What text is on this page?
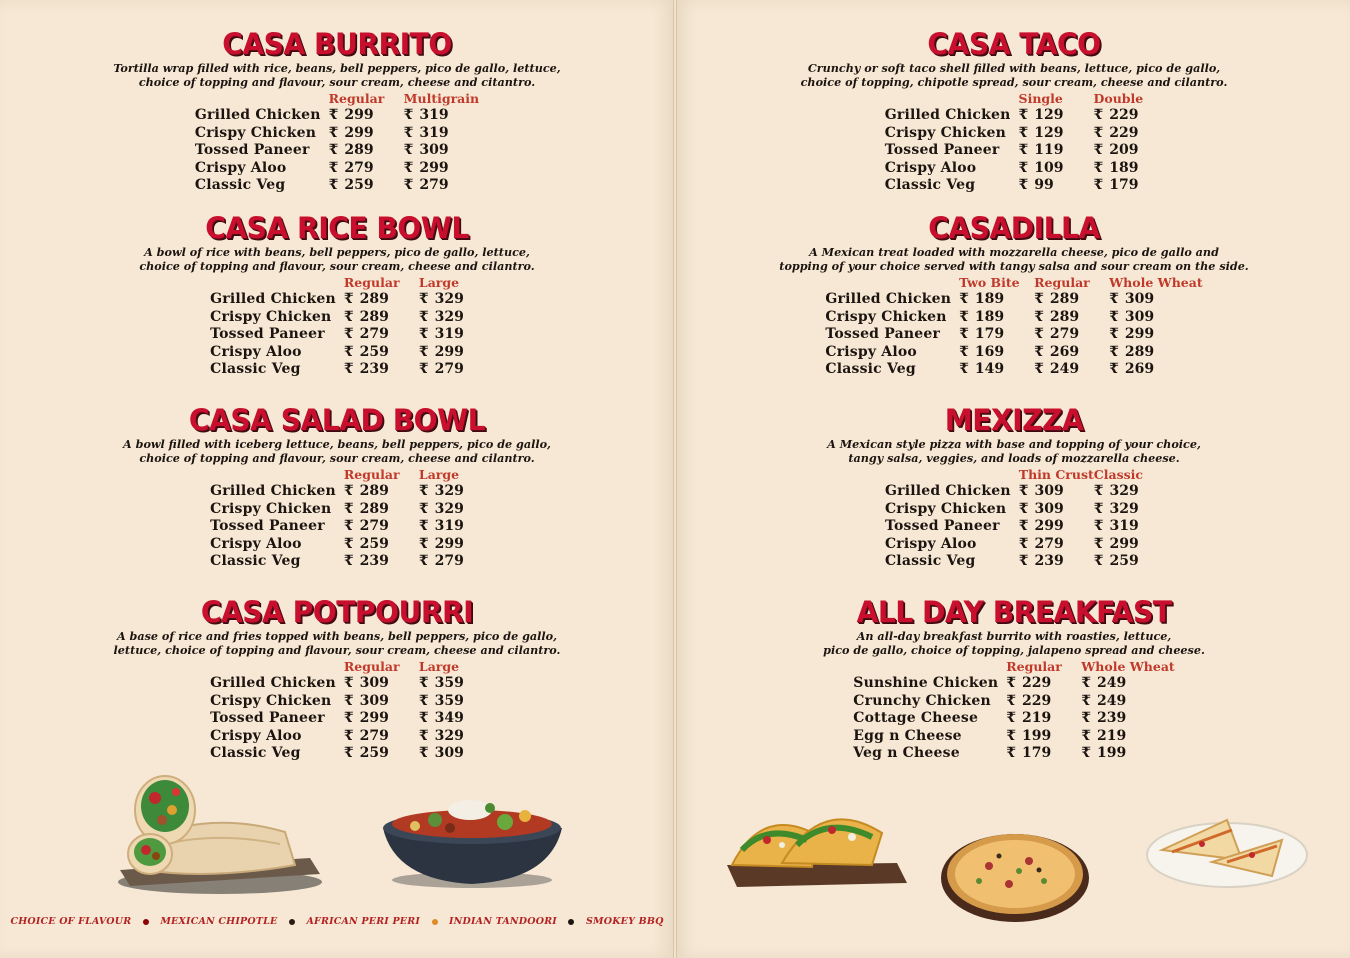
CASA BURRITO

Tortilla wrap filled with rice, beans, bell peppers, pico de gallo, lettuce,
choice of topping and flavour, sour cream, cheese and citantro.

	Regular	Multigrain
Grilled Chicken	₹ 299	₹ 319
Crispy Chicken	₹ 299	₹ 319
Tossed Paneer	₹ 289	₹ 309
Crispy Aloo	₹ 279	₹ 299
Classic Veg	₹ 259	₹ 279
CASA RICE BOWL

A bowl of rice with beans, bell peppers, pico de gallo, lettuce,
choice of topping and flavour, sour cream, cheese and cilantro.

	Regular	Large
Grilled Chicken	₹ 289	₹ 329
Crispy Chicken	₹ 289	₹ 329
Tossed Paneer	₹ 279	₹ 319
Crispy Aloo	₹ 259	₹ 299
Classic Veg	₹ 239	₹ 279
CASA SALAD BOWL

A bowl filled with iceberg lettuce, beans, bell peppers, pico de gallo,
choice of topping and flavour, sour cream, cheese and cilantro.

	Regular	Large
Grilled Chicken	₹ 289	₹ 329
Crispy Chicken	₹ 289	₹ 329
Tossed Paneer	₹ 279	₹ 319
Crispy Aloo	₹ 259	₹ 299
Classic Veg	₹ 239	₹ 279
CASA POTPOURRI

A base of rice and fries topped with beans, bell peppers, pico de gallo,
lettuce, choice of topping and flavour, sour cream, cheese and cilantro.

	Regular	Large
Grilled Chicken	₹ 309	₹ 359
Crispy Chicken	₹ 309	₹ 359
Tossed Paneer	₹ 299	₹ 349
Crispy Aloo	₹ 279	₹ 329
Classic Veg	₹ 259	₹ 309
CHOICE OF FLAVOUR	MEXICAN CHIPOTLE	AFRICAN PERI PERI	INDIAN TANDOORI	SMOKEY BBQ
CASA TACO

Crunchy or soft taco shell filled with beans, lettuce, pico de gallo,
choice of topping, chipotle spread, sour cream, cheese and cilantro.

	Single	Double
Grilled Chicken	₹ 129	₹ 229
Crispy Chicken	₹ 129	₹ 229
Tossed Paneer	₹ 119	₹ 209
Crispy Aloo	₹ 109	₹ 189
Classic Veg	₹ 99	₹ 179
CASADILLA

A Mexican treat loaded with mozzarella cheese, pico de gallo and
topping of your choice served with tangy salsa and sour cream on the side.

	Two Bite	Regular	Whole Wheat
Grilled Chicken	₹ 189	₹ 289	₹ 309
Crispy Chicken	₹ 189	₹ 289	₹ 309
Tossed Paneer	₹ 179	₹ 279	₹ 299
Crispy Aloo	₹ 169	₹ 269	₹ 289
Classic Veg	₹ 149	₹ 249	₹ 269
MEXIZZA

A Mexican style pizza with base and topping of your choice,
tangy salsa, veggies, and loads of mozzarella cheese.

	Thin Crust	Classic
Grilled Chicken	₹ 309	₹ 329
Crispy Chicken	₹ 309	₹ 329
Tossed Paneer	₹ 299	₹ 319
Crispy Aloo	₹ 279	₹ 299
Classic Veg	₹ 239	₹ 259
ALL DAY BREAKFAST

An all-day breakfast burrito with roasties, lettuce,
pico de gallo, choice of topping, jalapeno spread and cheese.

	Regular	Whole Wheat
Sunshine Chicken	₹ 229	₹ 249
Crunchy Chicken	₹ 229	₹ 249
Cottage Cheese	₹ 219	₹ 239
Egg n Cheese	₹ 199	₹ 219
Veg n Cheese	₹ 179	₹ 199
